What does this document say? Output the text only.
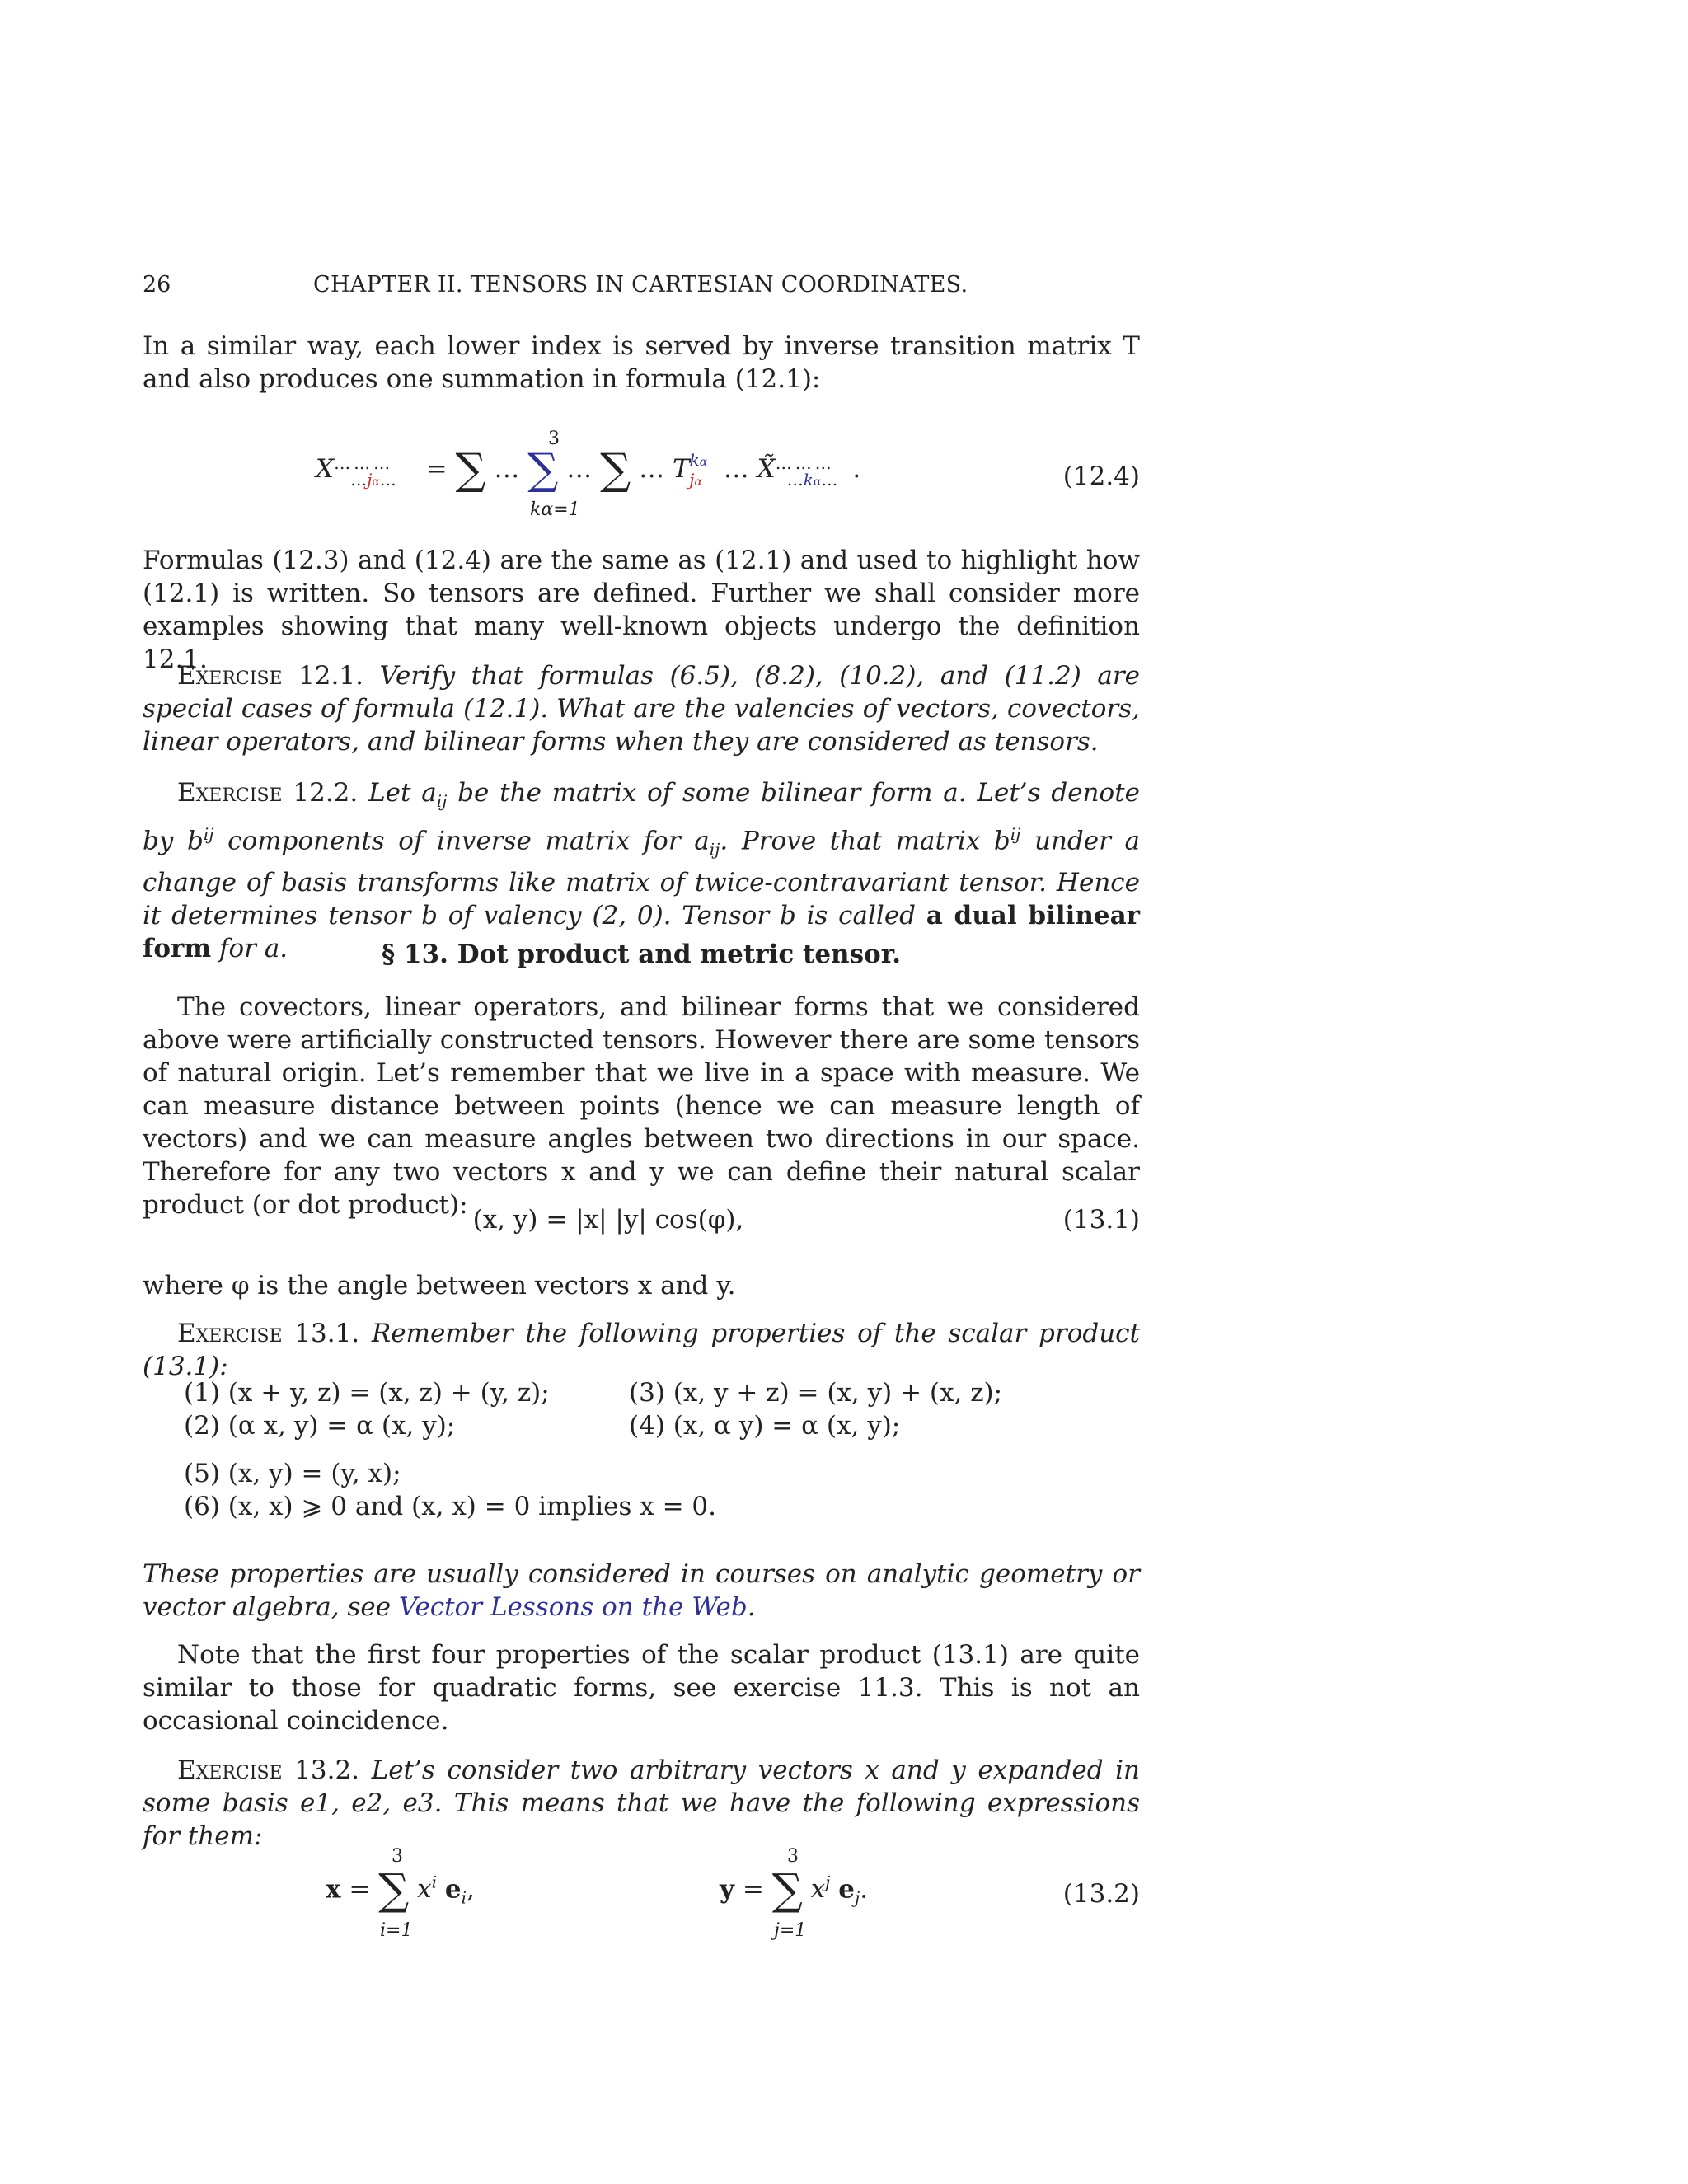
26	CHAPTER II. TENSORS IN CARTESIAN COORDINATES.

In a similar way, each lower index is served by inverse transition matrix T and also produces one summation in formula (12.1):

$X^{\dots \dots \dots}_{\dots j\alpha\dots}$ = ∑ … ∑ … ∑ … $T^{k\alpha}_{j\alpha}$ … $X̃^{\dots \dots \dots}_{\dots k\alpha\dots}$ .
3
kα=1
(12.4)

Formulas (12.3) and (12.4) are the same as (12.1) and used to highlight how (12.1) is written. So tensors are defined. Further we shall consider more examples showing that many well-known objects undergo the definition 12.1.

Exercise 12.1. Verify that formulas (6.5), (8.2), (10.2), and (11.2) are special cases of formula (12.1). What are the valencies of vectors, covectors, linear operators, and bilinear forms when they are considered as tensors.

Exercise 12.2. Let $a_{ij}$ be the matrix of some bilinear form a. Let’s denote by $b^{ij}$ components of inverse matrix for $a_{ij}$. Prove that matrix $b^{ij}$ under a change of basis transforms like matrix of twice-contravariant tensor. Hence it determines tensor b of valency (2, 0). Tensor b is called a dual bilinear form for a.	§ 13. Dot product and metric tensor.

The covectors, linear operators, and bilinear forms that we considered above were artificially constructed tensors. However there are some tensors of natural origin. Let’s remember that we live in a space with measure. We can measure distance between points (hence we can measure length of vectors) and we can measure angles between two directions in our space. Therefore for any two vectors x and y we can define their natural scalar product (or dot product): (x, y) = |x| |y| cos(φ),	(13.1)

where φ is the angle between vectors x and y.

Exercise 13.1. Remember the following properties of the scalar product (13.1):

(1) (x + y, z) = (x, z) + (y, z);	(3) (x, y + z) = (x, y) + (x, z);
(2) (α x, y) = α (x, y);	(4) (x, α y) = α (x, y);
(5) (x, y) = (y, x);
(6) (x, x) ⩾ 0 and (x, x) = 0 implies x = 0.

These properties are usually considered in courses on analytic geometry or vector algebra, see Vector Lessons on the Web.

Note that the first four properties of the scalar product (13.1) are quite similar to those for quadratic forms, see exercise 11.3. This is not an occasional coincidence.

Exercise 13.2. Let’s consider two arbitrary vectors x and y expanded in some basis e1, e2, e3. This means that we have the following expressions for them:

x = ∑ $x^i$ $e_i$,
3
i=1
y = ∑ $x^j$ $e_j$.
3
j=1
(13.2)
